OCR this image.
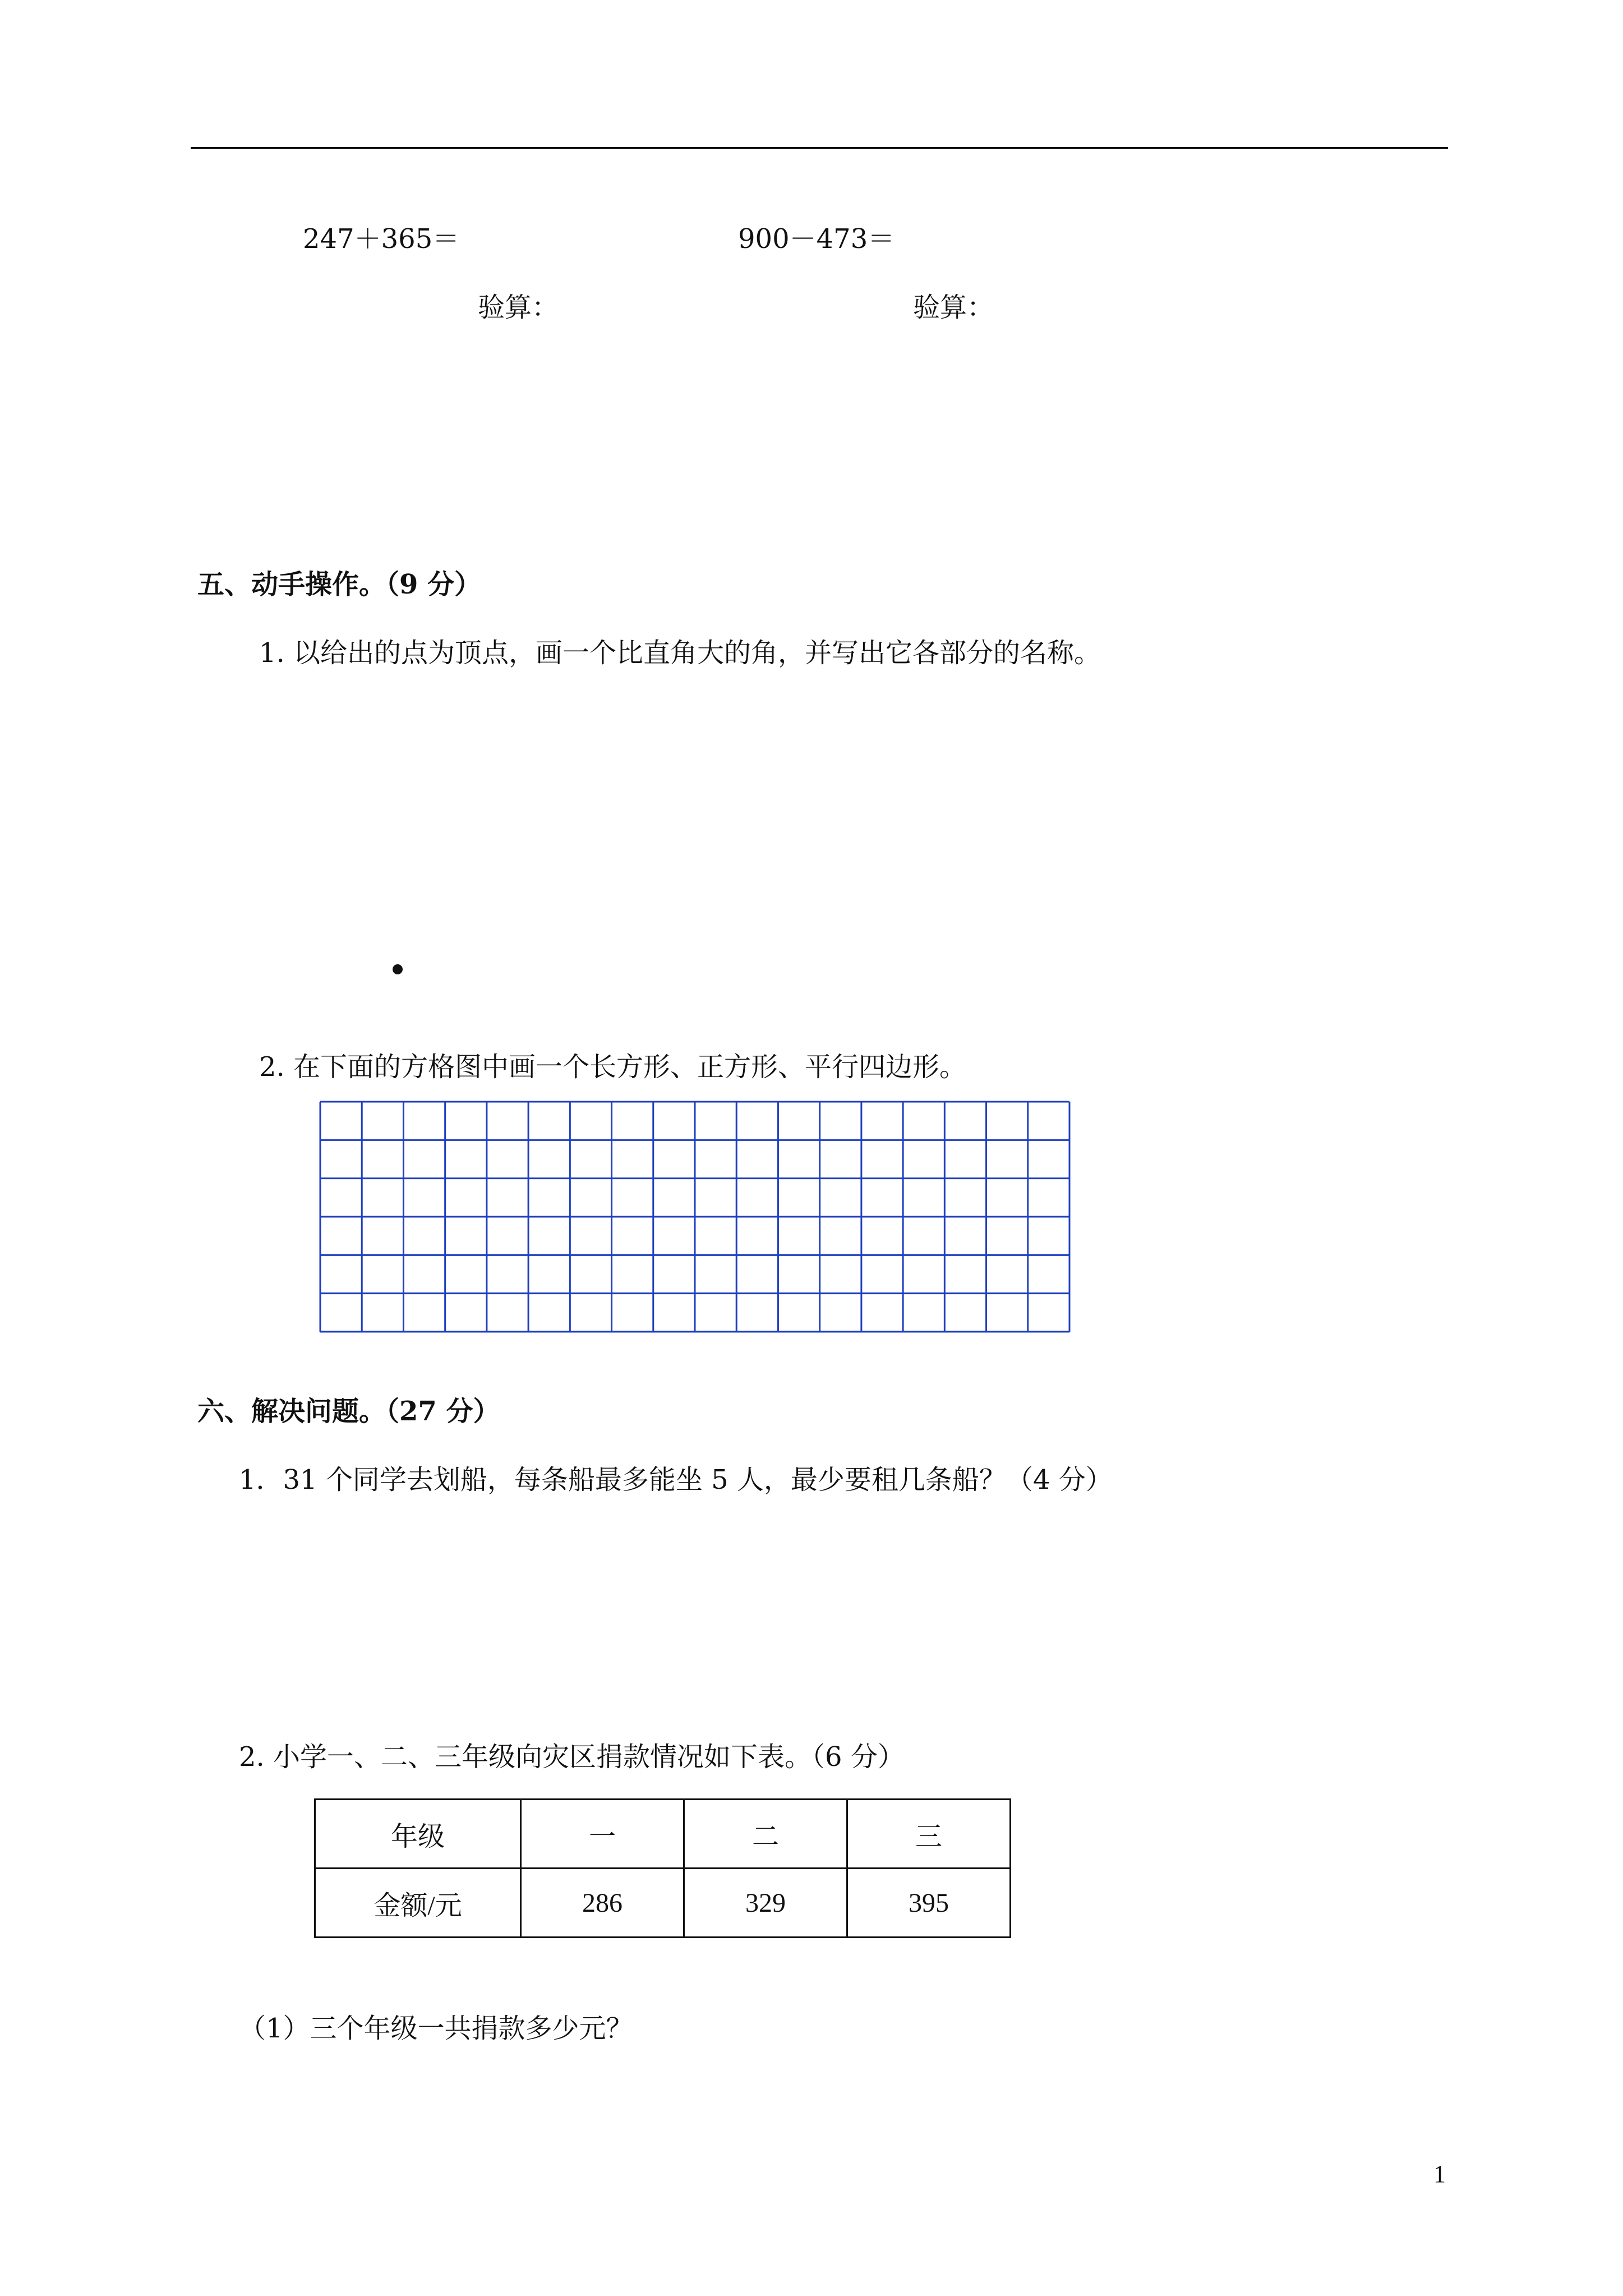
247＋365＝	900－473＝
验算：	验算：
五、动手操作。（9 分）
1. 以给出的点为顶点，画一个比直角大的角，并写出它各部分的名称。
2. 在下面的方格图中画一个长方形、正方形、平行四边形。
六、解决问题。（27 分）
1．31 个同学去划船，每条船最多能坐 5 人，最少要租几条船？（4 分）
2. 小学一、二、三年级向灾区捐款情况如下表。（6 分）
年级	一	二	三
金额/元	286	329	395
（1）三个年级一共捐款多少元？
1
